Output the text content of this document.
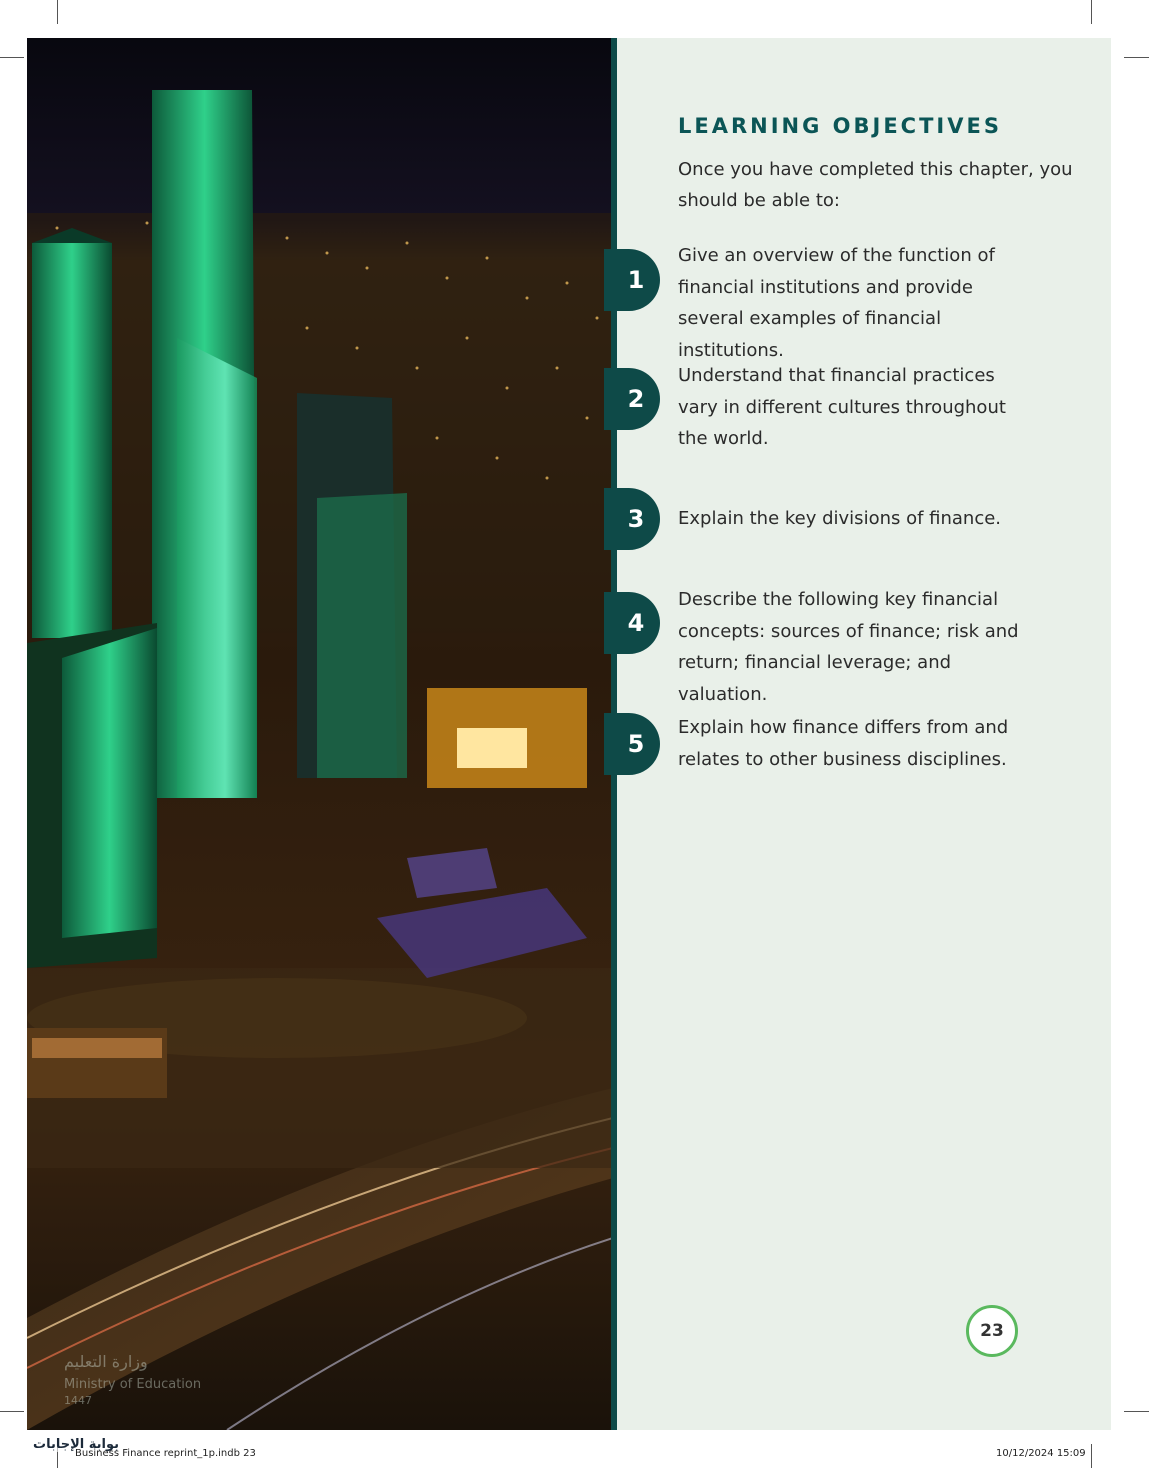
وزارة التعليم
Ministry of Education
1447
LEARNING OBJECTIVES
Once you have completed this chapter, you should be able to:
1
Give an overview of the function of financial institutions and provide several examples of financial institutions.
2
Understand that financial practices vary in different cultures throughout the world.
3	Explain the key divisions of finance.
4
Describe the following key financial concepts: sources of finance; risk and return; financial leverage; and valuation.
5
Explain how finance differs from and relates to other business disciplines.
23
بوابة الإجابات
Business Finance reprint_1p.indb 23	10/12/2024 15:09
